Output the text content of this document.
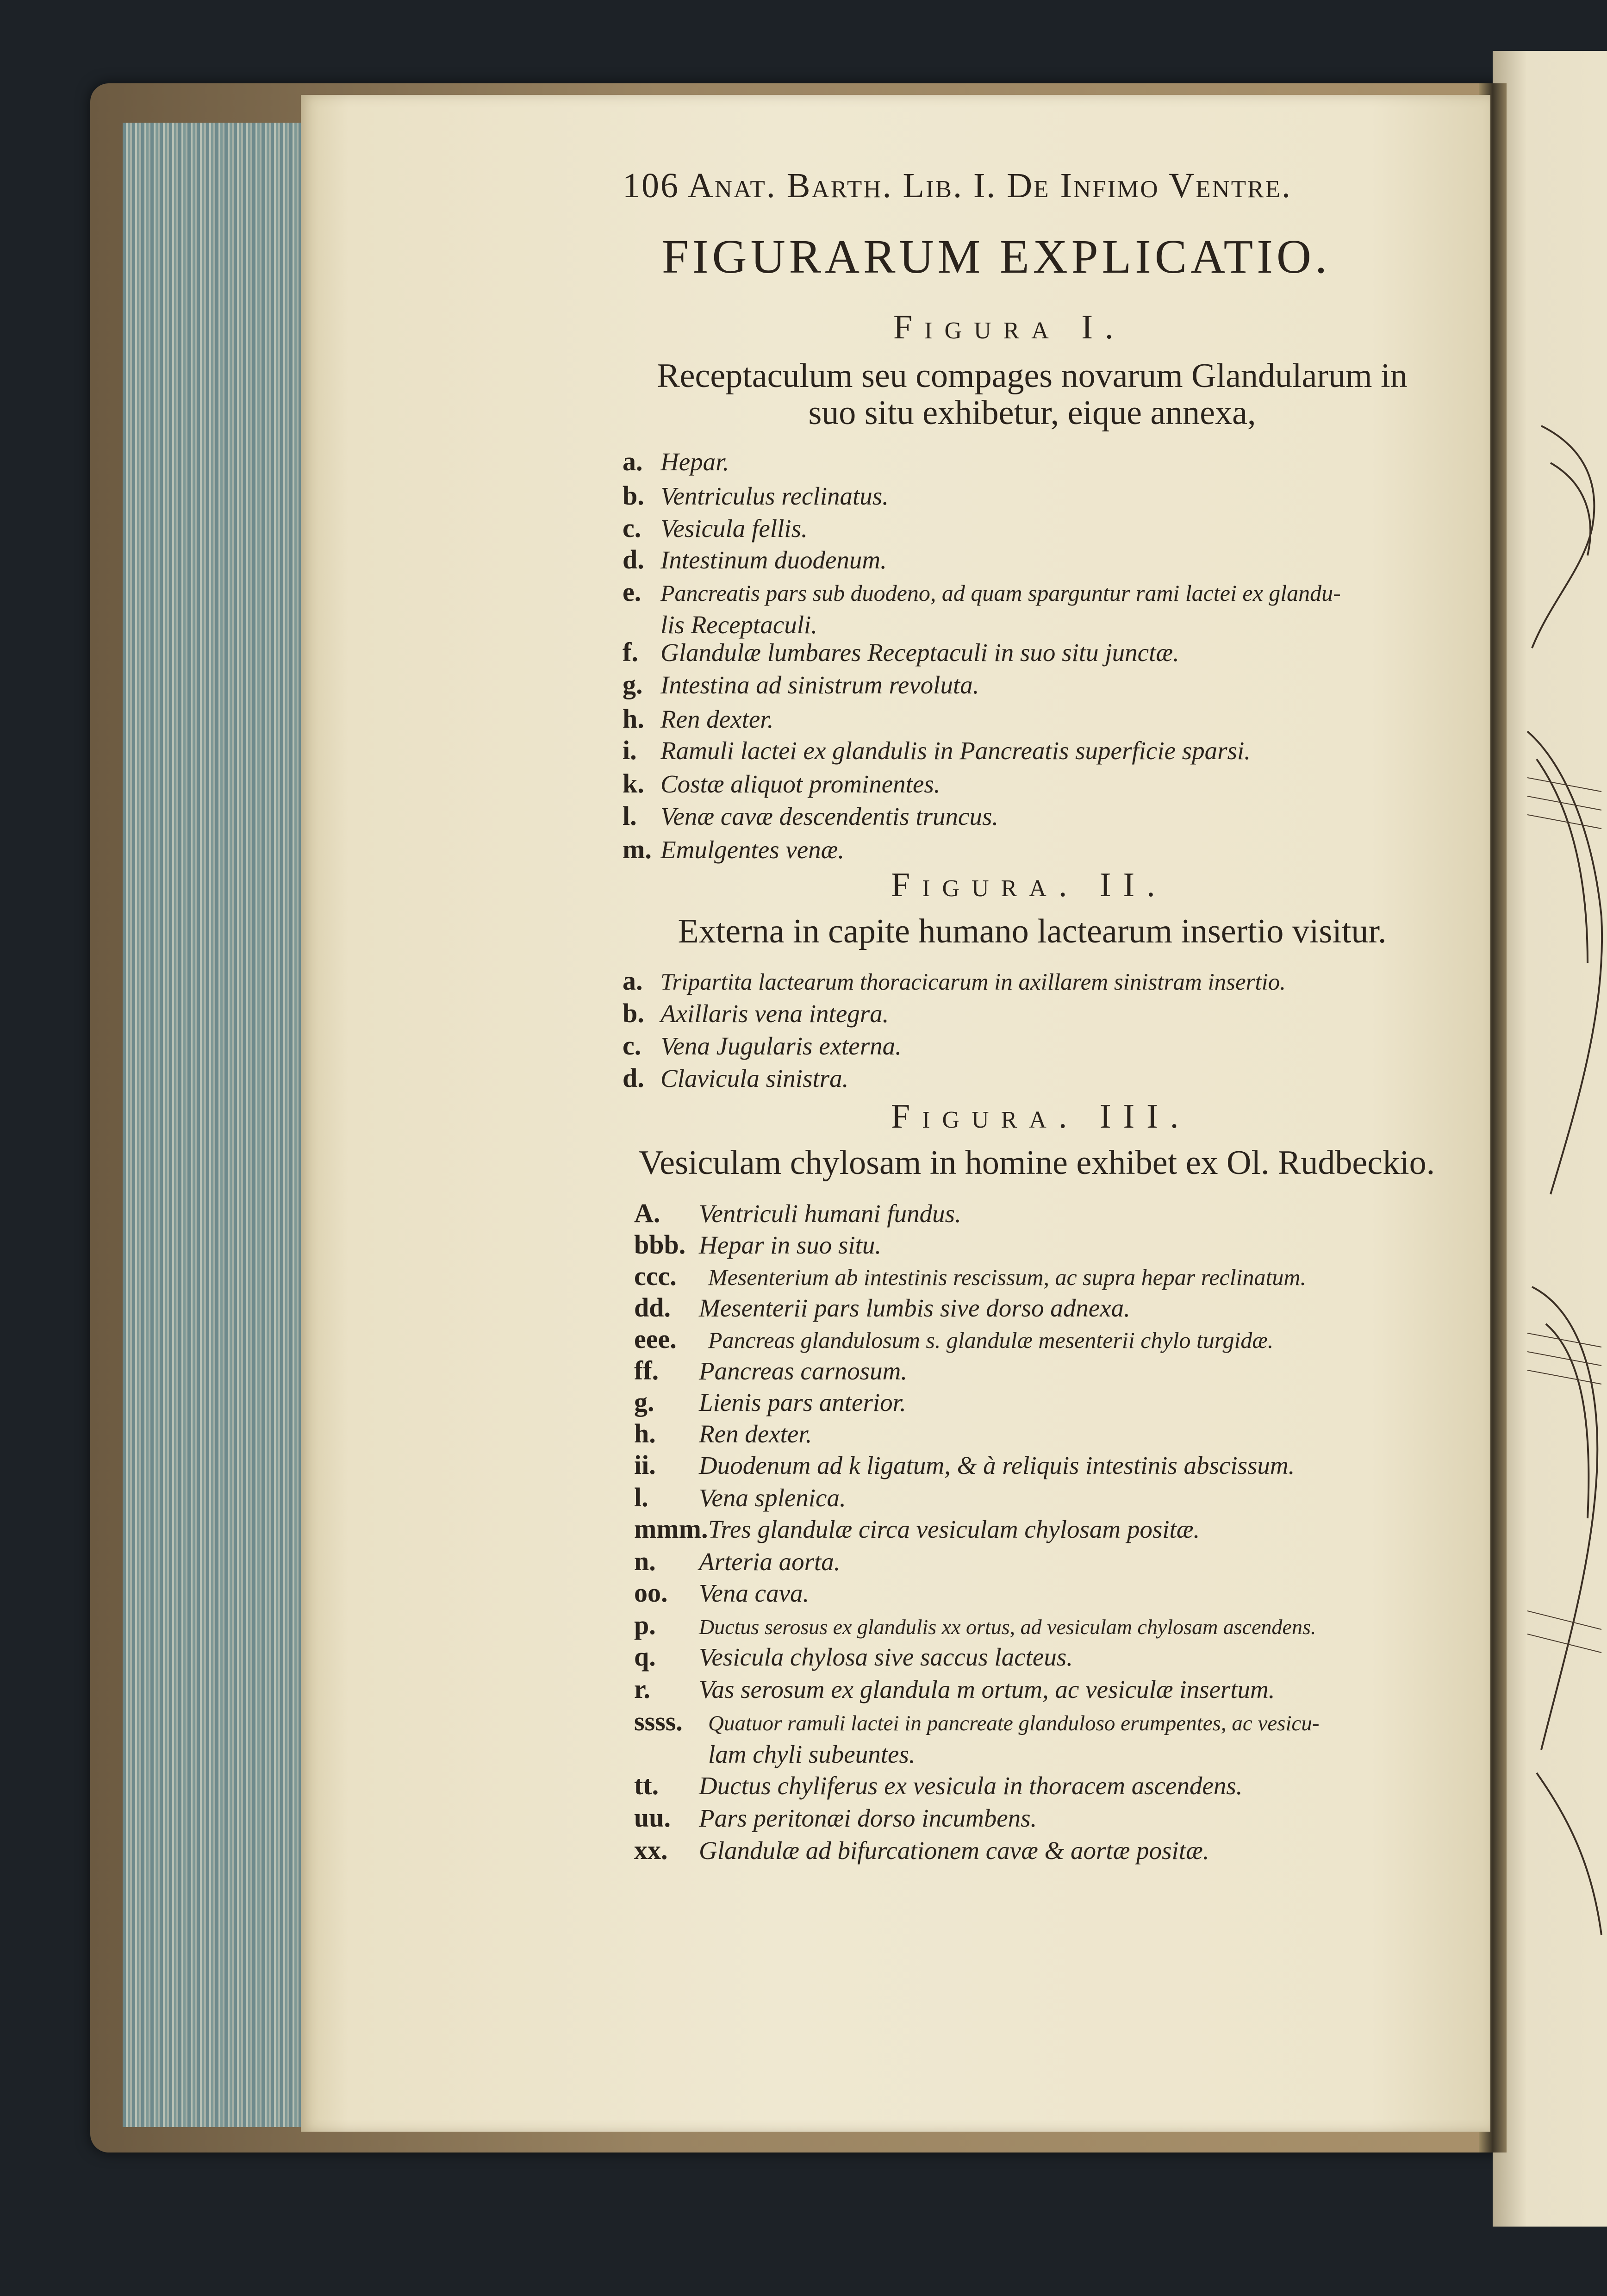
106 Anat. Barth. Lib. I. De Infimo Ventre.
FIGURARUM EXPLICATIO.
Figura I.
Receptaculum seu compages novarum Glandularum in
suo situ exhibetur, eique annexa,
a. Hepar.
b. Ventriculus reclinatus.
c. Vesicula fellis.
d. Intestinum duodenum.
e. Pancreatis pars sub duodeno, ad quam sparguntur rami lactei ex glandu-
lis Receptaculi.
f. Glandulæ lumbares Receptaculi in suo situ junctæ.
g. Intestina ad sinistrum revoluta.
h. Ren dexter.
i. Ramuli lactei ex glandulis in Pancreatis superficie sparsi.
k. Costæ aliquot prominentes.
l. Venæ cavæ descendentis truncus.
m. Emulgentes venæ.
Figura. II.
Externa in capite humano lactearum insertio visitur.
a. Tripartita lactearum thoracicarum in axillarem sinistram insertio.
b. Axillaris vena integra.
c. Vena Jugularis externa.
d. Clavicula sinistra.
Figura. III.
Vesiculam chylosam in homine exhibet ex Ol. Rudbeckio.
A. Ventriculi humani fundus.
bbb. Hepar in suo situ.
ccc. Mesenterium ab intestinis rescissum, ac supra hepar reclinatum.
dd. Mesenterii pars lumbis sive dorso adnexa.
eee. Pancreas glandulosum s. glandulæ mesenterii chylo turgidæ.
ff. Pancreas carnosum.
g. Lienis pars anterior.
h. Ren dexter.
ii. Duodenum ad k ligatum, & à reliquis intestinis abscissum.
l. Vena splenica.
mmm.Tres glandulæ circa vesiculam chylosam positæ.
n. Arteria aorta.
oo. Vena cava.
p. Ductus serosus ex glandulis xx ortus, ad vesiculam chylosam ascendens.
q. Vesicula chylosa sive saccus lacteus.
r. Vas serosum ex glandula m ortum, ac vesiculæ insertum.
ssss. Quatuor ramuli lactei in pancreate glanduloso erumpentes, ac vesicu-
lam chyli subeuntes.
tt. Ductus chyliferus ex vesicula in thoracem ascendens.
uu. Pars peritonæi dorso incumbens.
xx. Glandulæ ad bifurcationem cavæ & aortæ positæ.
